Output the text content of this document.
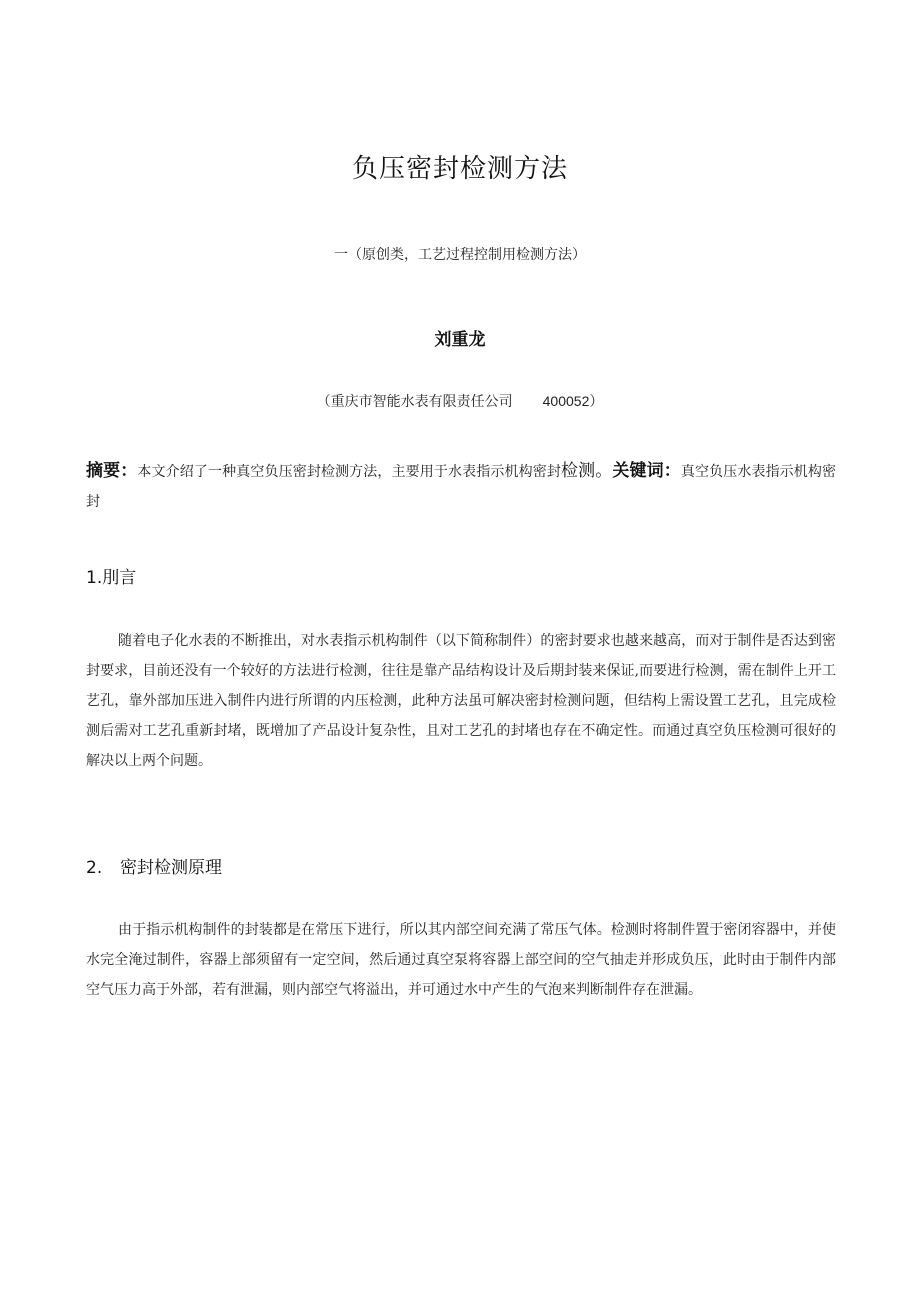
负压密封检测方法
一（原创类，工艺过程控制用检测方法）
刘重龙
（重庆市智能水表有限责任公司 400052）
摘要：本文介绍了一种真空负压密封检测方法，主要用于水表指示机构密封检测。关键词：真空负压水表指示机构密封
1.刖言

随着电子化水表的不断推出，对水表指示机构制件（以下简称制件）的密封要求也越来越高，而对于制件是否达到密封要求，目前还没有一个较好的方法进行检测，往往是靠产品结构设计及后期封装来保证,而要进行检测，需在制件上开工艺孔，靠外部加压进入制件内进行所谓的内压检测，此种方法虽可解决密封检测问题，但结构上需设置工艺孔，且完成检测后需对工艺孔重新封堵，既增加了产品设计复杂性，且对工艺孔的封堵也存在不确定性。而通过真空负压检测可很好的解决以上两个问题。

2. 密封检测原理

由于指示机构制件的封装都是在常压下进行，所以其内部空间充满了常压气体。检测时将制件置于密闭容器中，并使水完全淹过制件，容器上部须留有一定空间，然后通过真空泵将容器上部空间的空气抽走并形成负压，此时由于制件内部空气压力高于外部，若有泄漏，则内部空气将溢出，并可通过水中产生的气泡来判断制件存在泄漏。
